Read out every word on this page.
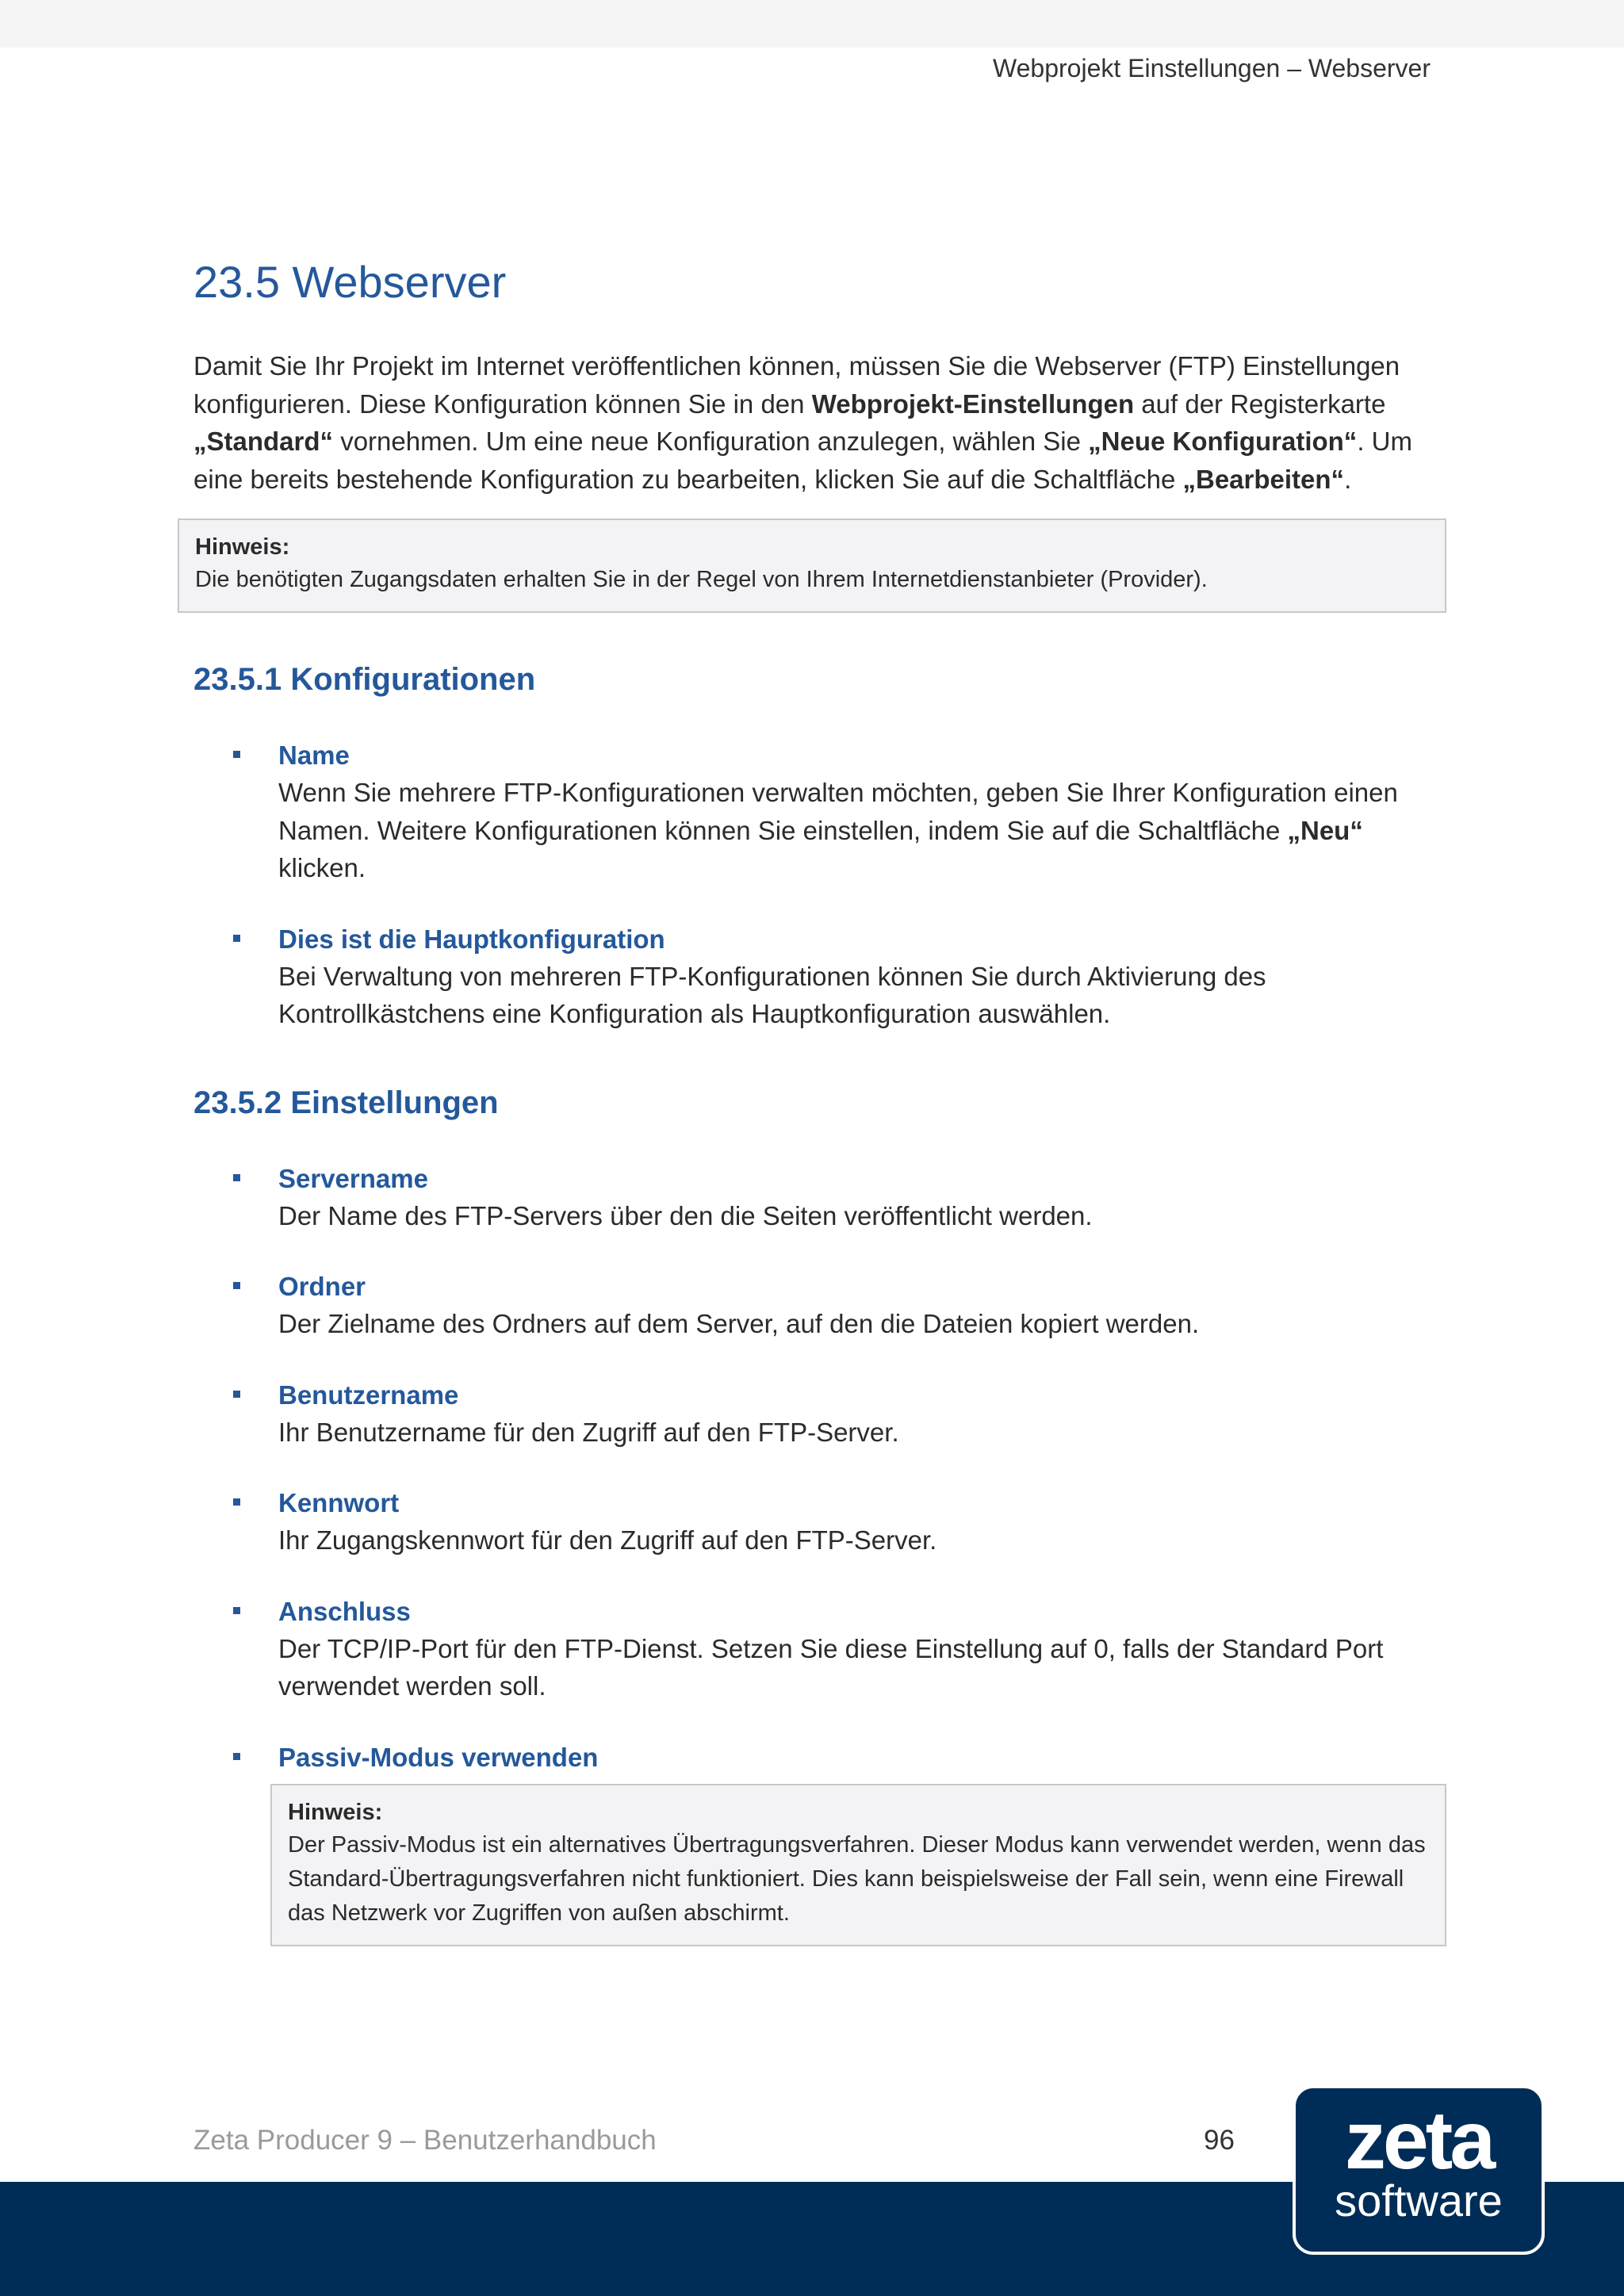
Webprojekt Einstellungen – Webserver
23.5 Webserver

Damit Sie Ihr Projekt im Internet veröffentlichen können, müssen Sie die Webserver (FTP) Einstellungen konfigurieren. Diese Konfiguration können Sie in den Webprojekt-Einstellungen auf der Registerkarte „Standard“ vornehmen. Um eine neue Konfiguration anzulegen, wählen Sie „Neue Konfiguration“. Um eine bereits bestehende Konfiguration zu bearbeiten, klicken Sie auf die Schaltfläche „Bearbeiten“.

Hinweis:
Die benötigten Zugangsdaten erhalten Sie in der Regel von Ihrem Internetdienstanbieter (Provider).
23.5.1 Konfigurationen
Name
Wenn Sie mehrere FTP-Konfigurationen verwalten möchten, geben Sie Ihrer Konfiguration einen Namen. Weitere Konfigurationen können Sie einstellen, indem Sie auf die Schaltfläche „Neu“ klicken.
Dies ist die Hauptkonfiguration
Bei Verwaltung von mehreren FTP-Konfigurationen können Sie durch Aktivierung des Kontrollkästchens eine Konfiguration als Hauptkonfiguration auswählen.
23.5.2 Einstellungen
Servername
Der Name des FTP-Servers über den die Seiten veröffentlicht werden.
Ordner
Der Zielname des Ordners auf dem Server, auf den die Dateien kopiert werden.
Benutzername
Ihr Benutzername für den Zugriff auf den FTP-Server.
Kennwort
Ihr Zugangskennwort für den Zugriff auf den FTP-Server.
Anschluss
Der TCP/IP-Port für den FTP-Dienst. Setzen Sie diese Einstellung auf 0, falls der Standard Port verwendet werden soll.
Passiv-Modus verwenden
Hinweis:
Der Passiv-Modus ist ein alternatives Übertragungsverfahren. Dieser Modus kann verwendet werden, wenn das Standard-Übertragungsverfahren nicht funktioniert. Dies kann beispielsweise der Fall sein, wenn eine Firewall das Netzwerk vor Zugriffen von außen abschirmt.
Zeta Producer 9 – Benutzerhandbuch	96	zeta
software
